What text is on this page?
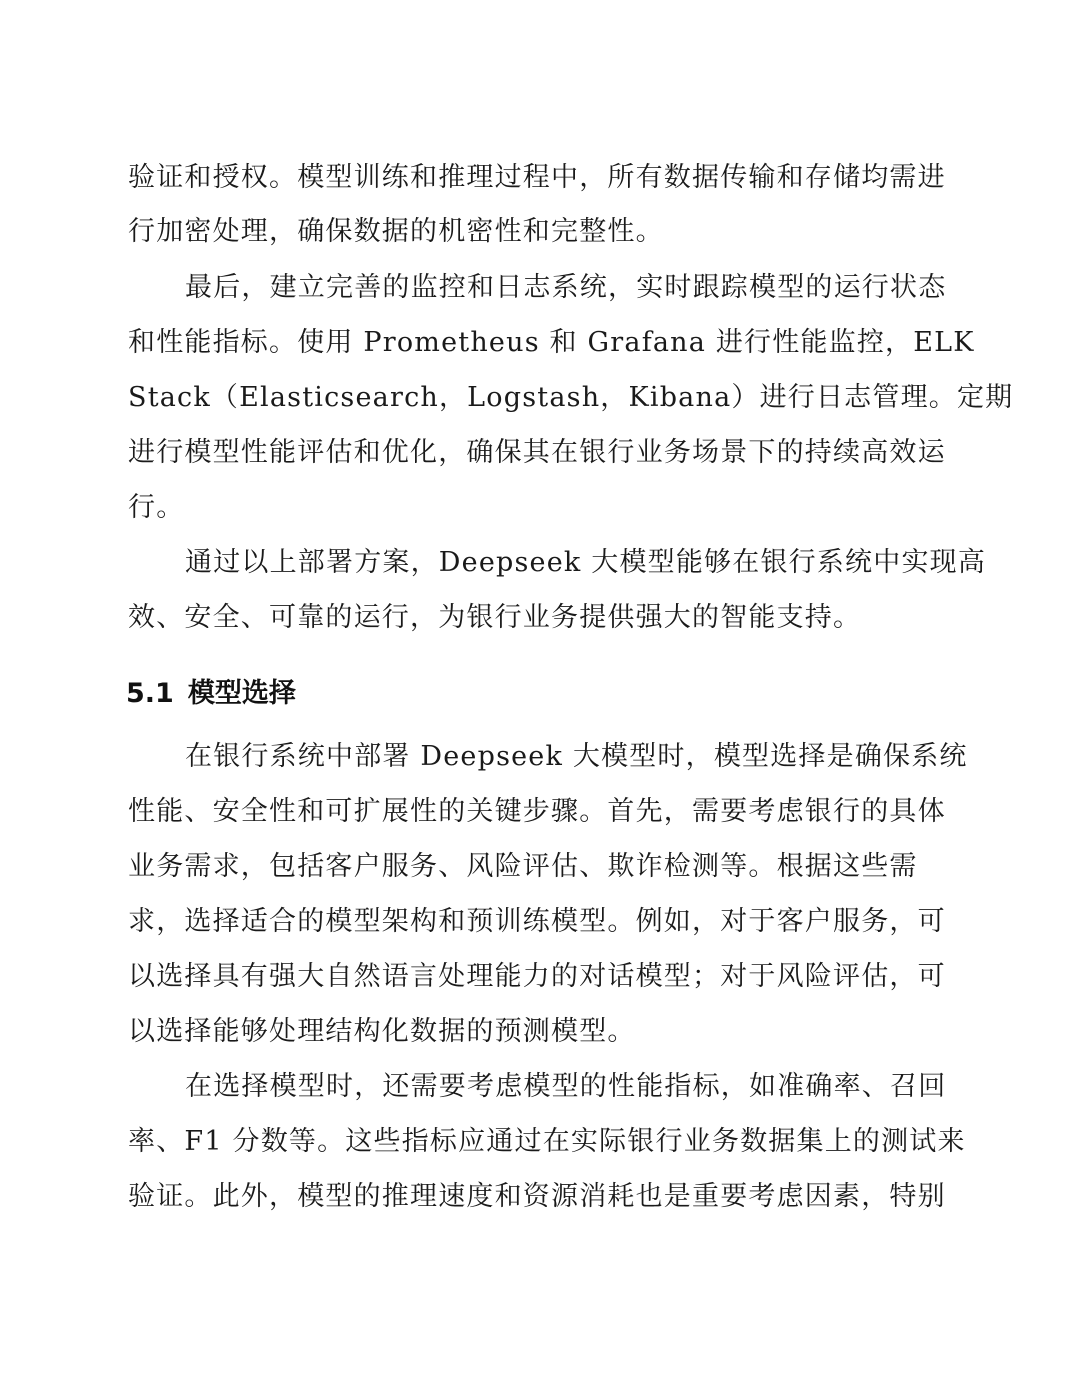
验证和授权。模型训练和推理过程中，所有数据传输和存储均需进
行加密处理，确保数据的机密性和完整性。
最后，建立完善的监控和日志系统，实时跟踪模型的运行状态
和性能指标。使用 Prometheus 和 Grafana 进行性能监控，ELK
Stack（Elasticsearch，Logstash，Kibana）进行日志管理。定期
进行模型性能评估和优化，确保其在银行业务场景下的持续高效运
行。
通过以上部署方案，Deepseek 大模型能够在银行系统中实现高
效、安全、可靠的运行，为银行业务提供强大的智能支持。
5.1 模型选择
在银行系统中部署 Deepseek 大模型时，模型选择是确保系统
性能、安全性和可扩展性的关键步骤。首先，需要考虑银行的具体
业务需求，包括客户服务、风险评估、欺诈检测等。根据这些需
求，选择适合的模型架构和预训练模型。例如，对于客户服务，可
以选择具有强大自然语言处理能力的对话模型；对于风险评估，可
以选择能够处理结构化数据的预测模型。
在选择模型时，还需要考虑模型的性能指标，如准确率、召回
率、F1 分数等。这些指标应通过在实际银行业务数据集上的测试来
验证。此外，模型的推理速度和资源消耗也是重要考虑因素，特别
